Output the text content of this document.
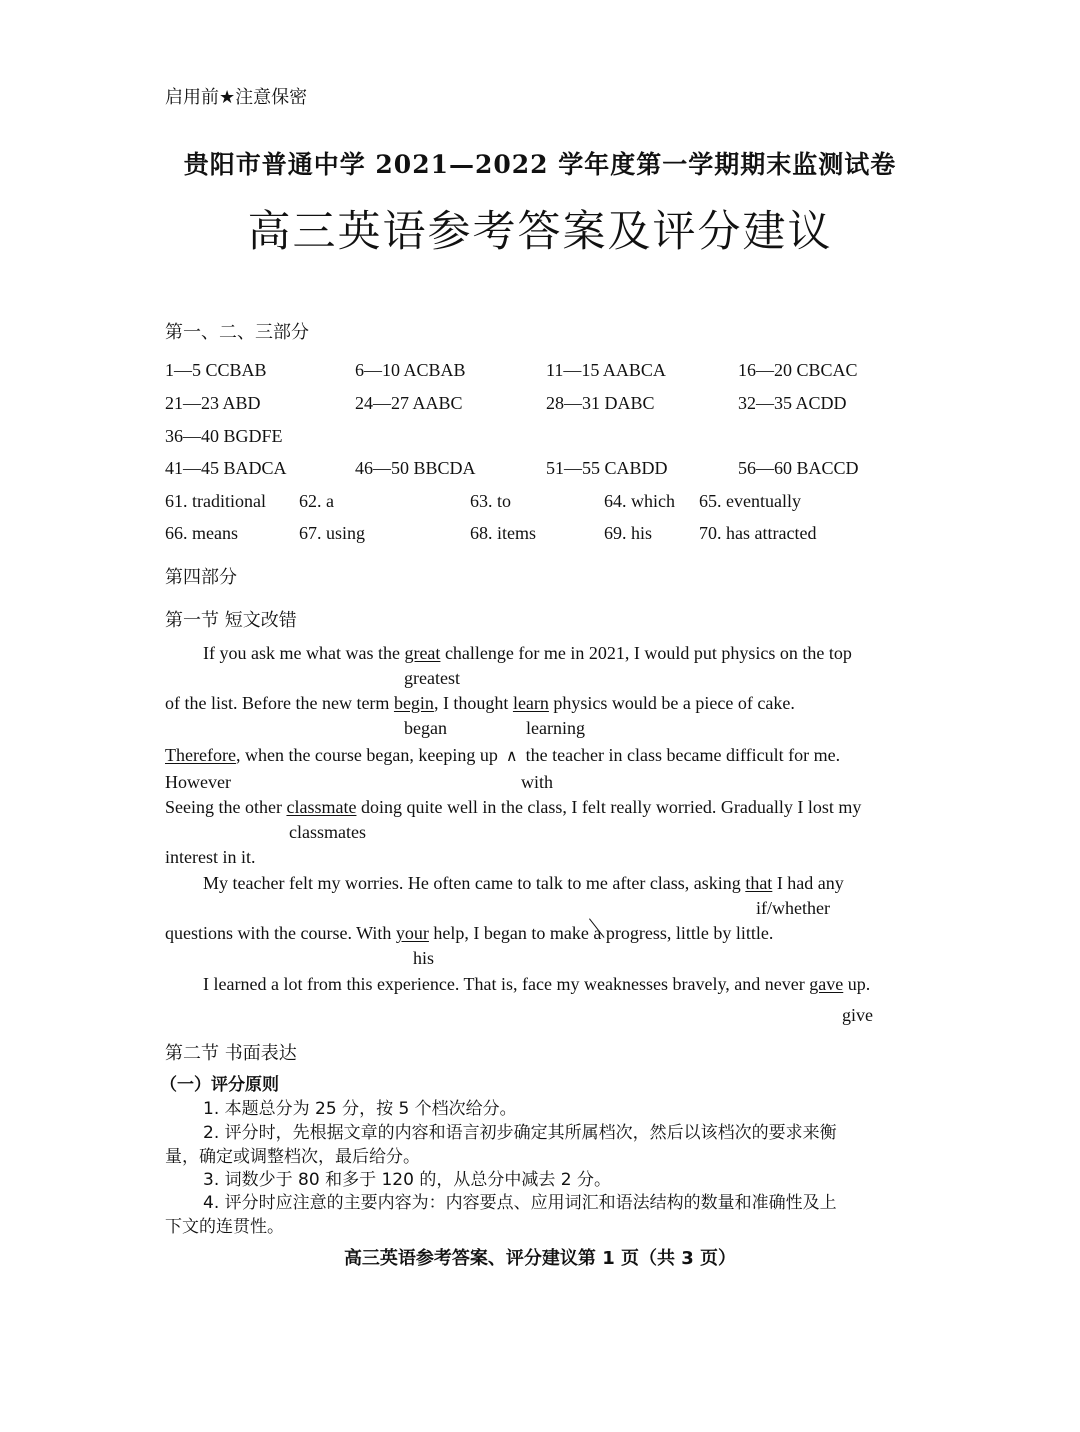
启用前★注意保密
贵阳市普通中学 2021—2022 学年度第一学期期末监测试卷
高三英语参考答案及评分建议
第一、二、三部分
1—5 CCBAB	6—10 ACBAB	11—15 AABCA	16—20 CBCAC
21—23 ABD	24—27 AABC	28—31 DABC	32—35 ACDD
36—40 BGDFE
41—45 BADCA	46—50 BBCDA	51—55 CABDD	56—60 BACCD
61. traditional 62. a	63. to	64. which 65. eventually
66. means	67. using	68. items	69. his	70. has attracted
第四部分
第一节 短文改错
If you ask me what was the great challenge for me in 2021, I would put physics on the top
greatest
of the list. Before the new term begin, I thought learn physics would be a piece of cake.
began	learning
Therefore, when the course began, keeping up ∧ the teacher in class became difficult for me.
However	with
Seeing the other classmate doing quite well in the class, I felt really worried. Gradually I lost my
classmates
interest in it.
My teacher felt my worries. He often came to talk to me after class, asking that I had any
if/whether
questions with the course. With your help, I began to make a progress, little by little.
his
I learned a lot from this experience. That is, face my weaknesses bravely, and never gave up.
give
第二节 书面表达
（一）评分原则
1. 本题总分为 25 分，按 5 个档次给分。
2. 评分时，先根据文章的内容和语言初步确定其所属档次，然后以该档次的要求来衡
量，确定或调整档次，最后给分。
3. 词数少于 80 和多于 120 的，从总分中减去 2 分。
4. 评分时应注意的主要内容为：内容要点、应用词汇和语法结构的数量和准确性及上
下文的连贯性。
高三英语参考答案、评分建议第 1 页（共 3 页）
